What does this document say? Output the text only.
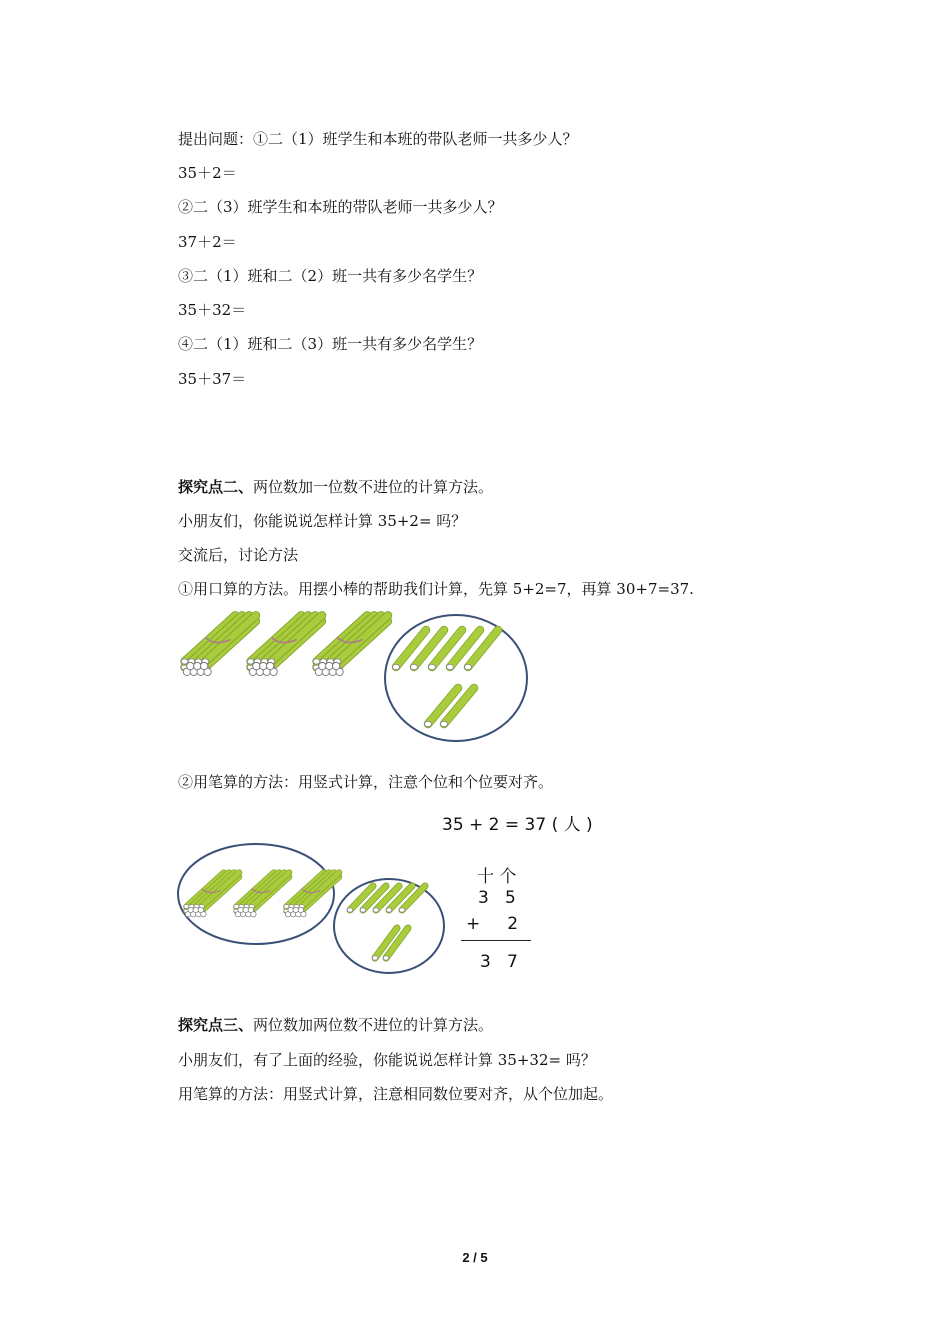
提出问题：①二（1）班学生和本班的带队老师一共多少人？
35＋2＝
②二（3）班学生和本班的带队老师一共多少人？
37＋2＝
③二（1）班和二（2）班一共有多少名学生？
35＋32＝
④二（1）班和二（3）班一共有多少名学生？
35＋37＝
探究点二、两位数加一位数不进位的计算方法。
小朋友们，你能说说怎样计算 35+2= 吗？
交流后，讨论方法
①用口算的方法。用摆小棒的帮助我们计算，先算 5+2=7，再算 30+7=37.
②用笔算的方法：用竖式计算，注意个位和个位要对齐。
35 + 2 = 37 ( 人 )
十 个
3   5
+     2
3   7
探究点三、两位数加两位数不进位的计算方法。
小朋友们，有了上面的经验，你能说说怎样计算 35+32= 吗？
用笔算的方法：用竖式计算，注意相同数位要对齐，从个位加起。
2 / 5
